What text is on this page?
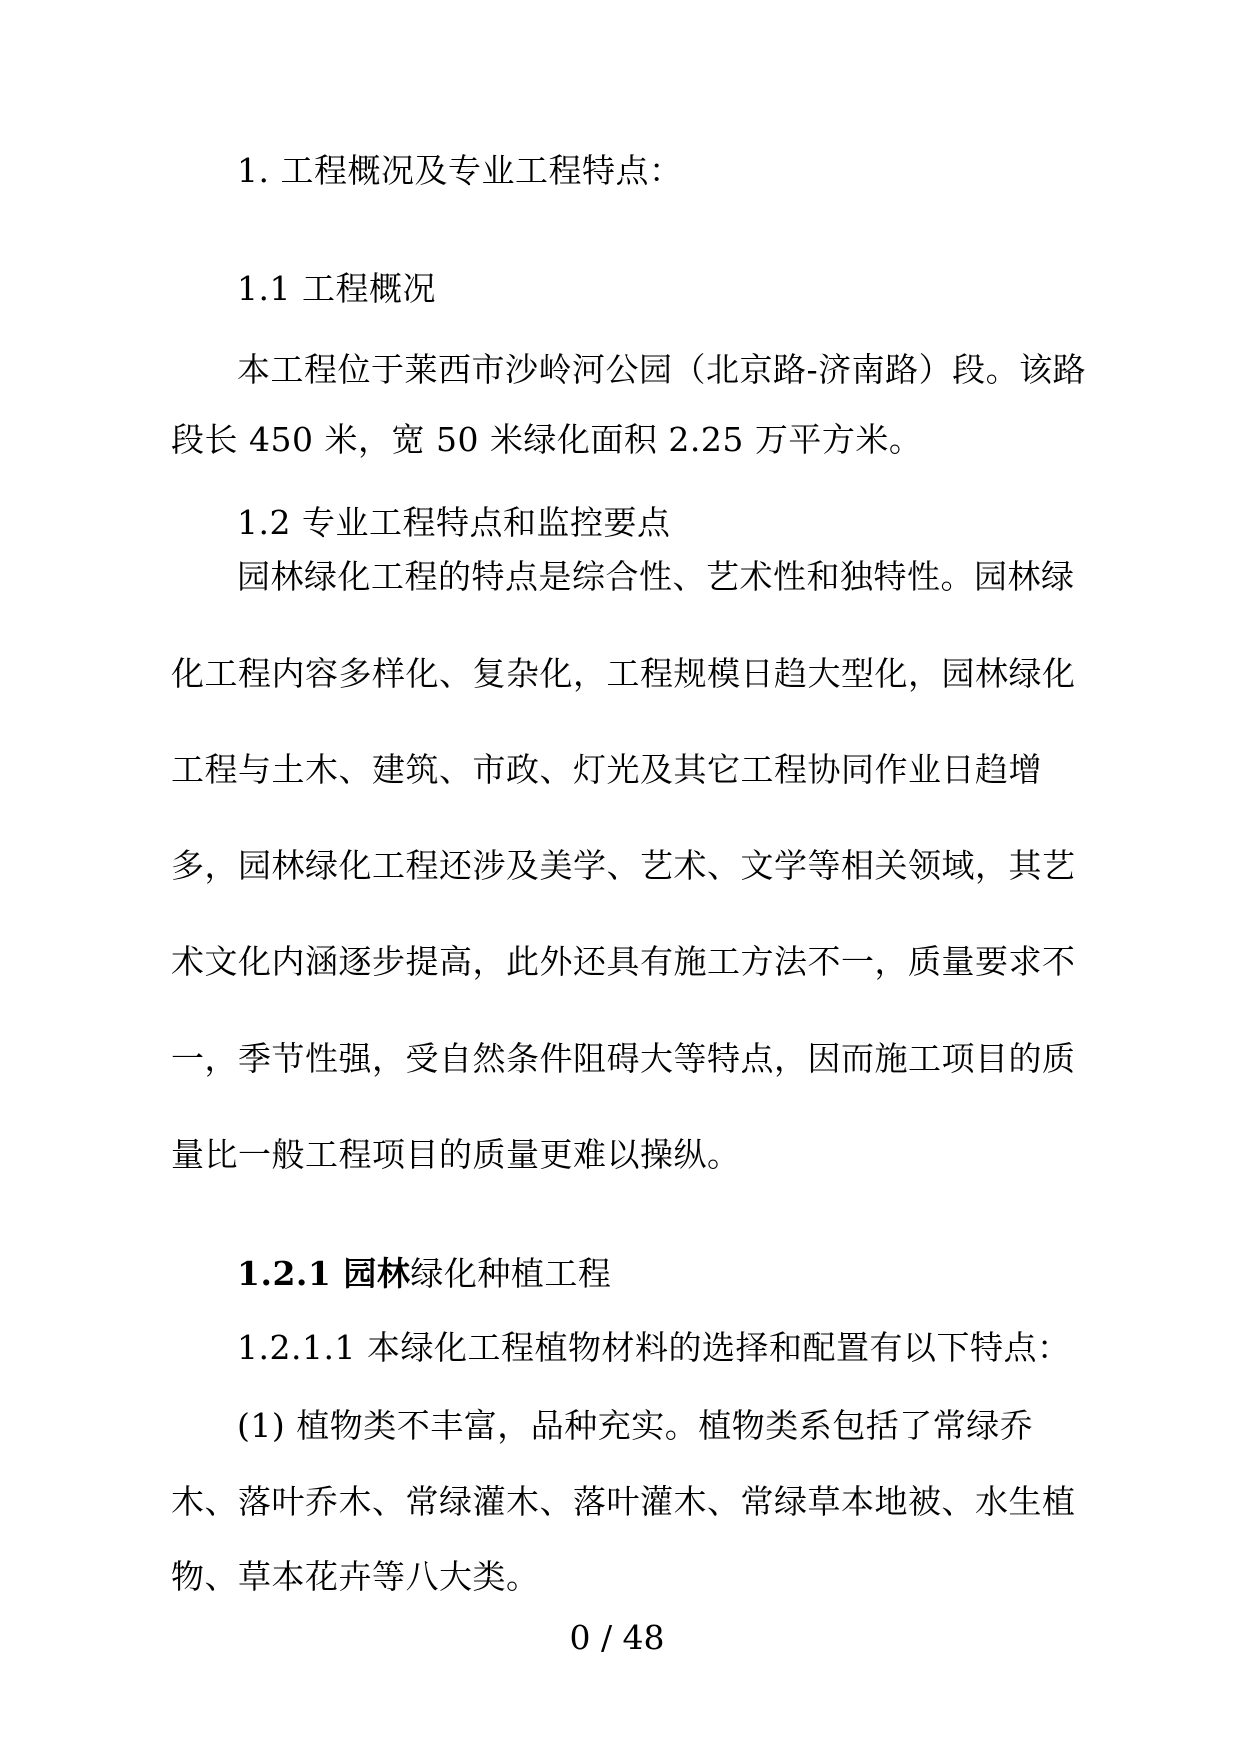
1. 工程概况及专业工程特点：
1.1 工程概况
本工程位于莱西市沙岭河公园（北京路-济南路）段。该路
段长 450 米，宽 50 米绿化面积 2.25 万平方米。
1.2 专业工程特点和监控要点
园林绿化工程的特点是综合性、艺术性和独特性。园林绿
化工程内容多样化、复杂化，工程规模日趋大型化，园林绿化
工程与土木、建筑、市政、灯光及其它工程协同作业日趋增
多，园林绿化工程还涉及美学、艺术、文学等相关领域，其艺
术文化内涵逐步提高，此外还具有施工方法不一，质量要求不
一，季节性强，受自然条件阻碍大等特点，因而施工项目的质
量比一般工程项目的质量更难以操纵。
1.2.1 园林绿化种植工程
1.2.1.1 本绿化工程植物材料的选择和配置有以下特点：
(1) 植物类不丰富，品种充实。植物类系包括了常绿乔
木、落叶乔木、常绿灌木、落叶灌木、常绿草本地被、水生植
物、草本花卉等八大类。
0 / 48
